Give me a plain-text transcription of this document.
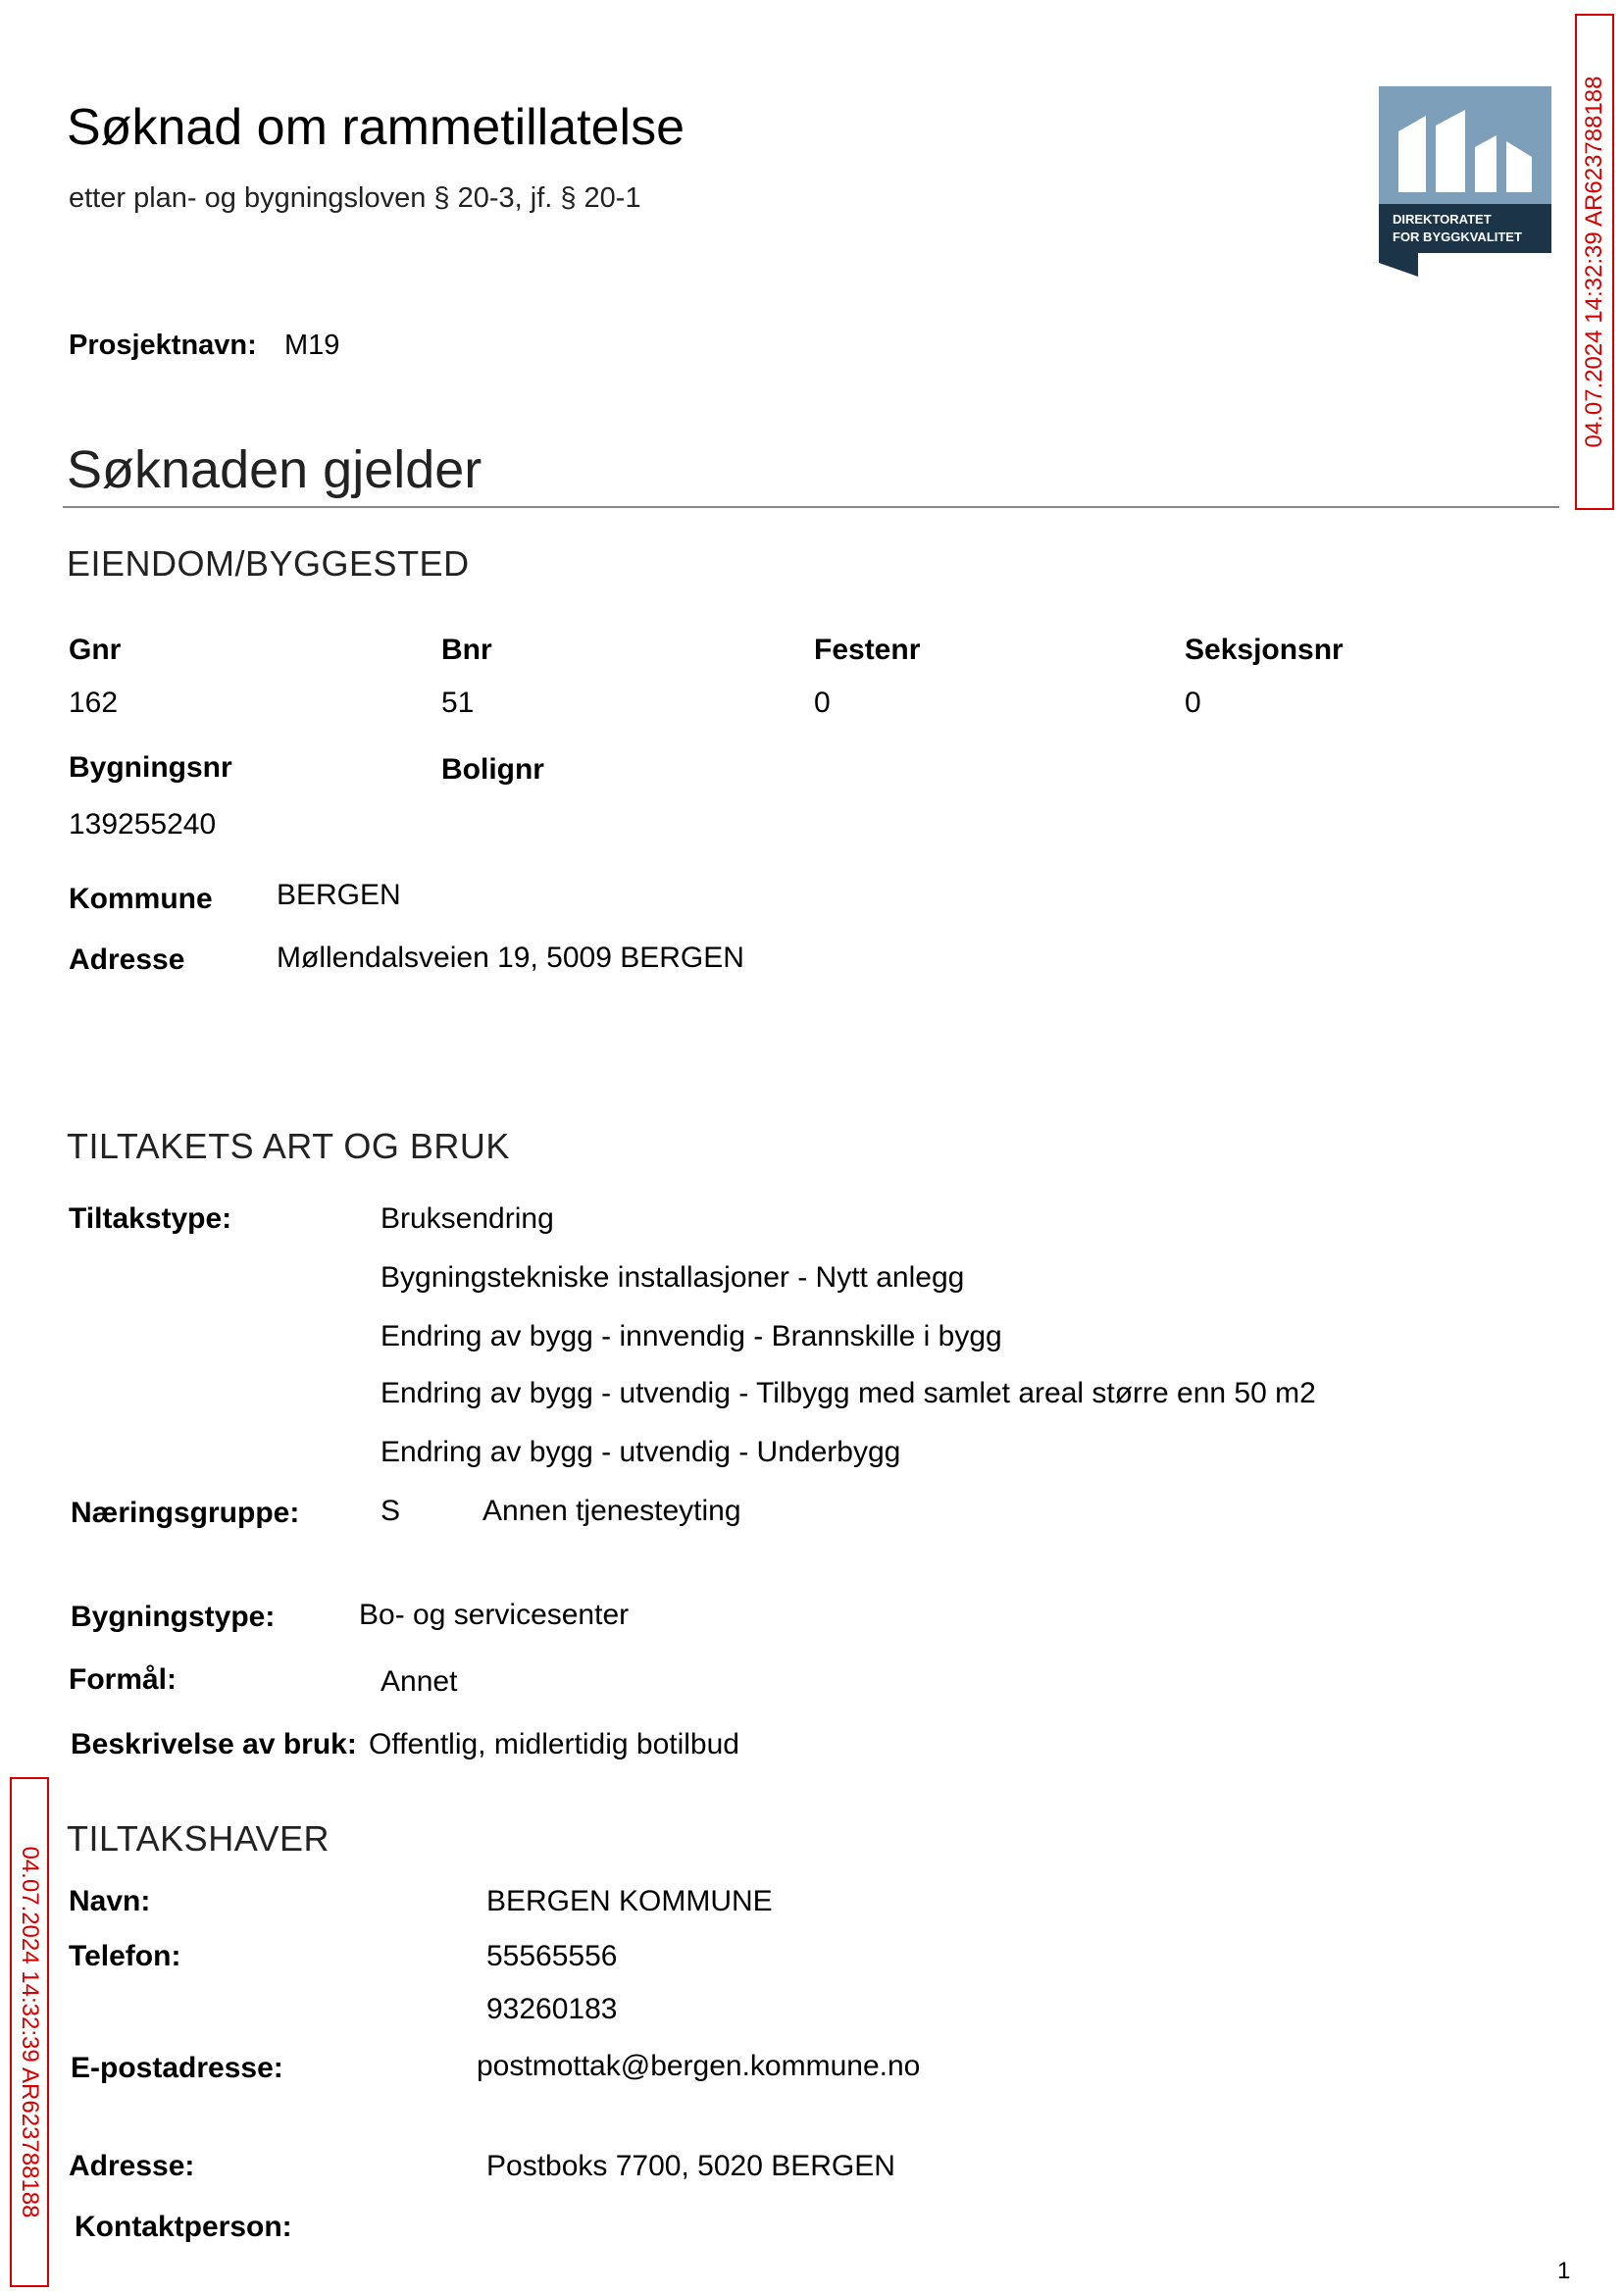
Søknad om rammetillatelse
etter plan- og bygningsloven § 20-3, jf. § 20-1
DIREKTORATET
FOR BYGGKVALITET	04.07.2024 14:32:39 AR623788188
04.07.2024 14:32:39 AR623788188
Prosjektnavn: M19
Søknaden gjelder
EIENDOM/BYGGESTED
Gnr	Bnr	Festenr	Seksjonsnr
162	51	0	0
Bygningsnr	Bolignr
139255240
Kommune BERGEN
Adresse	Møllendalsveien 19, 5009 BERGEN
TILTAKETS ART OG BRUK
Tiltakstype:	Bruksendring
Bygningstekniske installasjoner - Nytt anlegg
Endring av bygg - innvendig - Brannskille i bygg
Endring av bygg - utvendig - Tilbygg med samlet areal større enn 50 m2
Endring av bygg - utvendig - Underbygg
Næringsgruppe:	S	Annen tjenesteyting
Bygningstype:	Bo- og servicesenter
Formål:	Annet
Beskrivelse av bruk: Offentlig, midlertidig botilbud
TILTAKSHAVER
Navn:	BERGEN KOMMUNE
Telefon:	55565556
93260183
E-postadresse:	postmottak@bergen.kommune.no
Adresse:	Postboks 7700, 5020 BERGEN
Kontaktperson:
1
